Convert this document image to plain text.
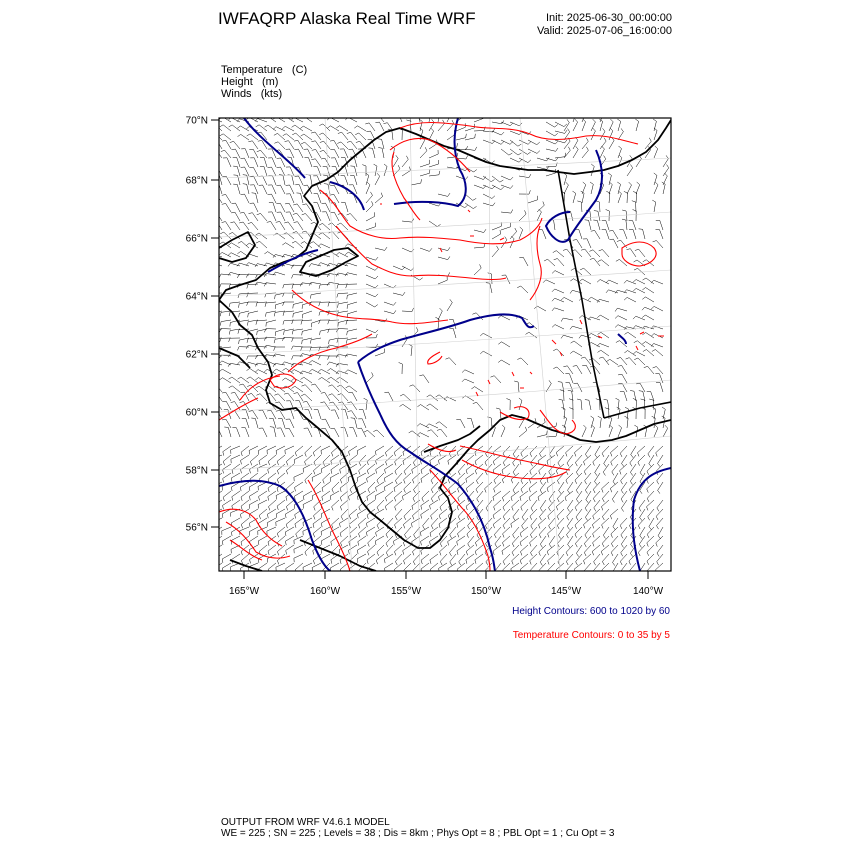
IWFAQRP Alaska Real Time WRF	Init: 2025-06-30_00:00:00
Valid: 2025-07-06_16:00:00
Temperature   (C)
Height   (m)
Winds   (kts)
70°N
68°N
66°N
64°N
62°N
60°N
58°N
56°N
165°W	160°W	155°W	150°W	145°W	140°W
Height Contours: 600 to 1020 by 60
Temperature Contours: 0 to 35 by 5
OUTPUT FROM WRF V4.6.1 MODEL
WE = 225 ; SN = 225 ; Levels = 38 ; Dis = 8km ; Phys Opt = 8 ; PBL Opt = 1 ; Cu Opt = 3
